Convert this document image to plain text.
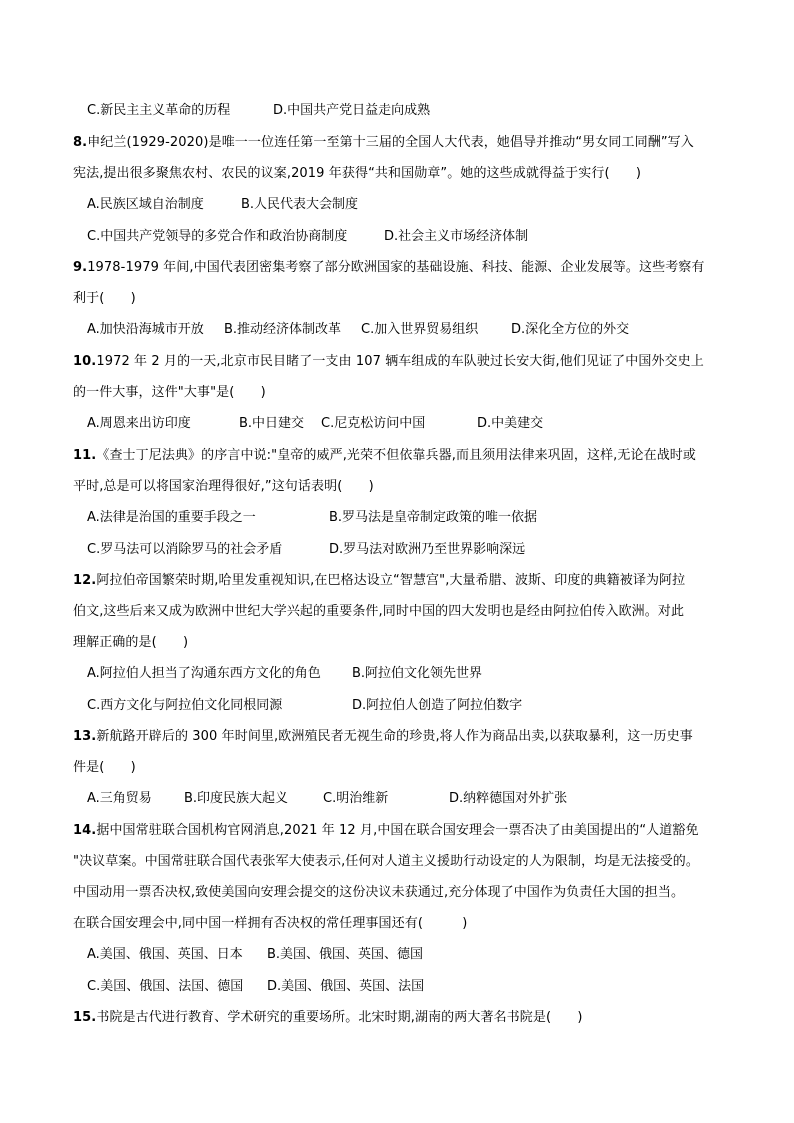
C.新民主主义革命的历程	D.中国共产党日益走向成熟
8.申纪兰(1929-2020)是唯一一位连任第一至第十三届的全国人大代表，她倡导并推动“男女同工同酬”写入
宪法,提出很多聚焦农村、农民的议案,2019 年获得“共和国勋章”。她的这些成就得益于实行(　　)
A.民族区域自治制度	B.人民代表大会制度
C.中国共产党领导的多党合作和政治协商制度	D.社会主义市场经济体制
9.1978-1979 年间,中国代表团密集考察了部分欧洲国家的基础设施、科技、能源、企业发展等。这些考察有
利于(　　)
A.加快沿海城市开放 B.推动经济体制改革 C.加入世界贸易组织	D.深化全方位的外交
10.1972 年 2 月的一天,北京市民目睹了一支由 107 辆车组成的车队驶过长安大街,他们见证了中国外交史上
的一件大事，这件"大事"是(　　)
A.周恩来出访印度	B.中日建交 C.尼克松访问中国	D.中美建交
11.《查士丁尼法典》的序言中说:"皇帝的威严,光荣不但依靠兵器,而且须用法律来巩固，这样,无论在战时或
平时,总是可以将国家治理得很好,”这句话表明(　　)
A.法律是治国的重要手段之一	B.罗马法是皇帝制定政策的唯一依据
C.罗马法可以消除罗马的社会矛盾	D.罗马法对欧洲乃至世界影响深远
12.阿拉伯帝国繁荣时期,哈里发重视知识,在巴格达设立“智慧宫",大量希腊、波斯、印度的典籍被译为阿拉
伯文,这些后来又成为欧洲中世纪大学兴起的重要条件,同时中国的四大发明也是经由阿拉伯传入欧洲。对此
理解正确的是(　　)
A.阿拉伯人担当了沟通东西方文化的角色 B.阿拉伯文化领先世界
C.西方文化与阿拉伯文化同根同源	D.阿拉伯人创造了阿拉伯数字
13.新航路开辟后的 300 年时间里,欧洲殖民者无视生命的珍贵,将人作为商品出卖,以获取暴利，这一历史事
件是(　　)
A.三角贸易 B.印度民族大起义	C.明治维新	D.纳粹德国对外扩张
14.据中国常驻联合国机构官网消息,2021 年 12 月,中国在联合国安理会一票否决了由美国提出的“人道豁免
"决议草案。中国常驻联合国代表张军大使表示,任何对人道主义援助行动设定的人为限制，均是无法接受的。
中国动用一票否决权,致使美国向安理会提交的这份决议未获通过,充分体现了中国作为负责任大国的担当。
在联合国安理会中,同中国一样拥有否决权的常任理事国还有(　　　)
A.美国、俄国、英国、日本 B.美国、俄国、英国、德国
C.美国、俄国、法国、德国 D.美国、俄国、英国、法国
15.书院是古代进行教育、学术研究的重要场所。北宋时期,湖南的两大著名书院是(　　)
